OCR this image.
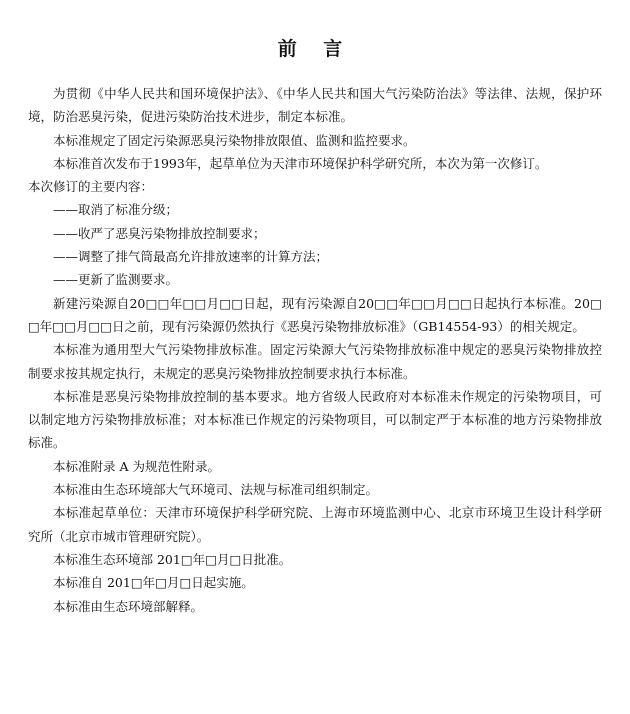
前 言

为贯彻《中华人民共和国环境保护法》、《中华人民共和国大气污染防治法》等法律、法规，保护环境，防治恶臭污染，促进污染防治技术进步，制定本标准。

本标准规定了固定污染源恶臭污染物排放限值、监测和监控要求。

本标准首次发布于1993年，起草单位为天津市环境保护科学研究所，本次为第一次修订。

本次修订的主要内容：

——取消了标准分级；

——收严了恶臭污染物排放控制要求；

——调整了排气筒最高允许排放速率的计算方法；

——更新了监测要求。

新建污染源自20□□年□□月□□日起，现有污染源自20□□年□□月□□日起执行本标准。20□□年□□月□□日之前，现有污染源仍然执行《恶臭污染物排放标准》（GB14554-93）的相关规定。

本标准为通用型大气污染物排放标准。固定污染源大气污染物排放标准中规定的恶臭污染物排放控制要求按其规定执行，未规定的恶臭污染物排放控制要求执行本标准。

本标准是恶臭污染物排放控制的基本要求。地方省级人民政府对本标准未作规定的污染物项目，可以制定地方污染物排放标准；对本标准已作规定的污染物项目，可以制定严于本标准的地方污染物排放标准。

本标准附录 A 为规范性附录。

本标准由生态环境部大气环境司、法规与标准司组织制定。

本标准起草单位：天津市环境保护科学研究院、上海市环境监测中心、北京市环境卫生设计科学研究所（北京市城市管理研究院）。

本标准生态环境部 201□年□月□日批准。

本标准自 201□年□月□日起实施。

本标准由生态环境部解释。
